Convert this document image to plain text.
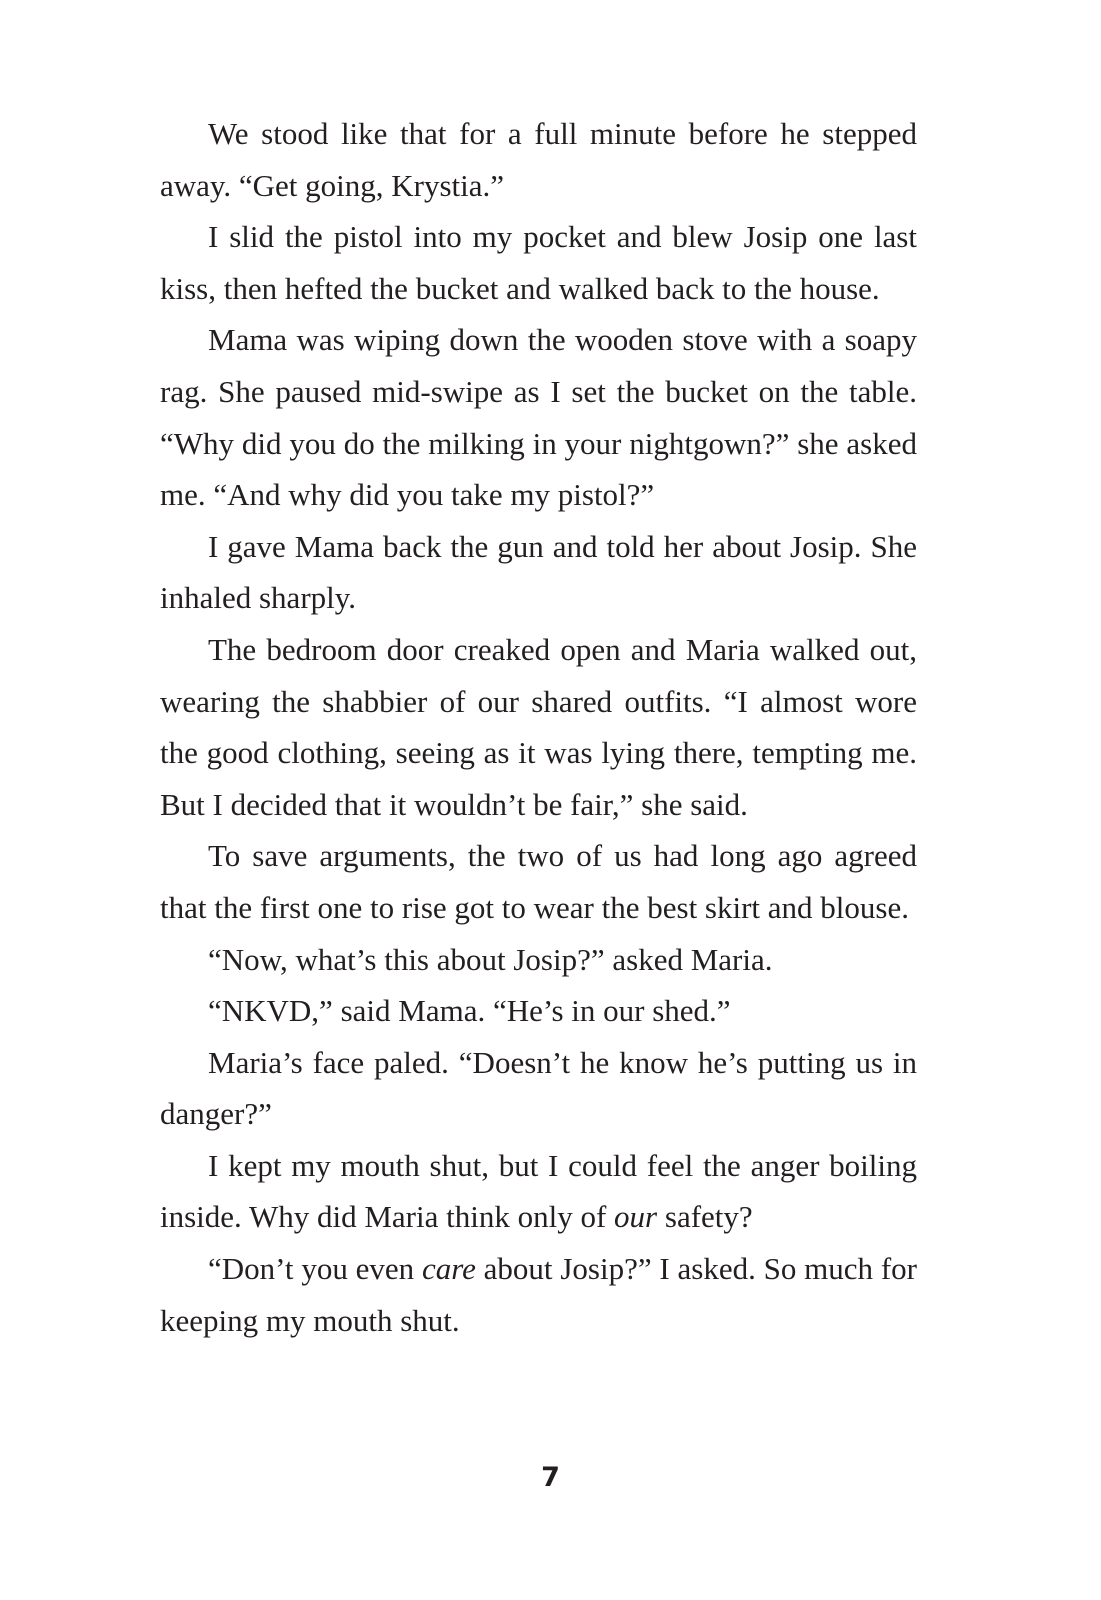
We stood like that for a full minute before he stepped away. “Get going, Krystia.”

I slid the pistol into my pocket and blew Josip one last kiss, then hefted the bucket and walked back to the house.

Mama was wiping down the wooden stove with a soapy rag. She paused mid-swipe as I set the bucket on the table. “Why did you do the milking in your nightgown?” she asked me. “And why did you take my pistol?”

I gave Mama back the gun and told her about Josip. She inhaled sharply.

The bedroom door creaked open and Maria walked out, wearing the shabbier of our shared outfits. “I almost wore the good clothing, seeing as it was lying there, tempting me. But I decided that it wouldn’t be fair,” she said.

To save arguments, the two of us had long ago agreed that the first one to rise got to wear the best skirt and blouse.

“Now, what’s this about Josip?” asked Maria.

“NKVD,” said Mama. “He’s in our shed.”

Maria’s face paled. “Doesn’t he know he’s putting us in danger?”

I kept my mouth shut, but I could feel the anger boiling inside. Why did Maria think only of our safety?

“Don’t you even care about Josip?” I asked. So much for keeping my mouth shut.

7
